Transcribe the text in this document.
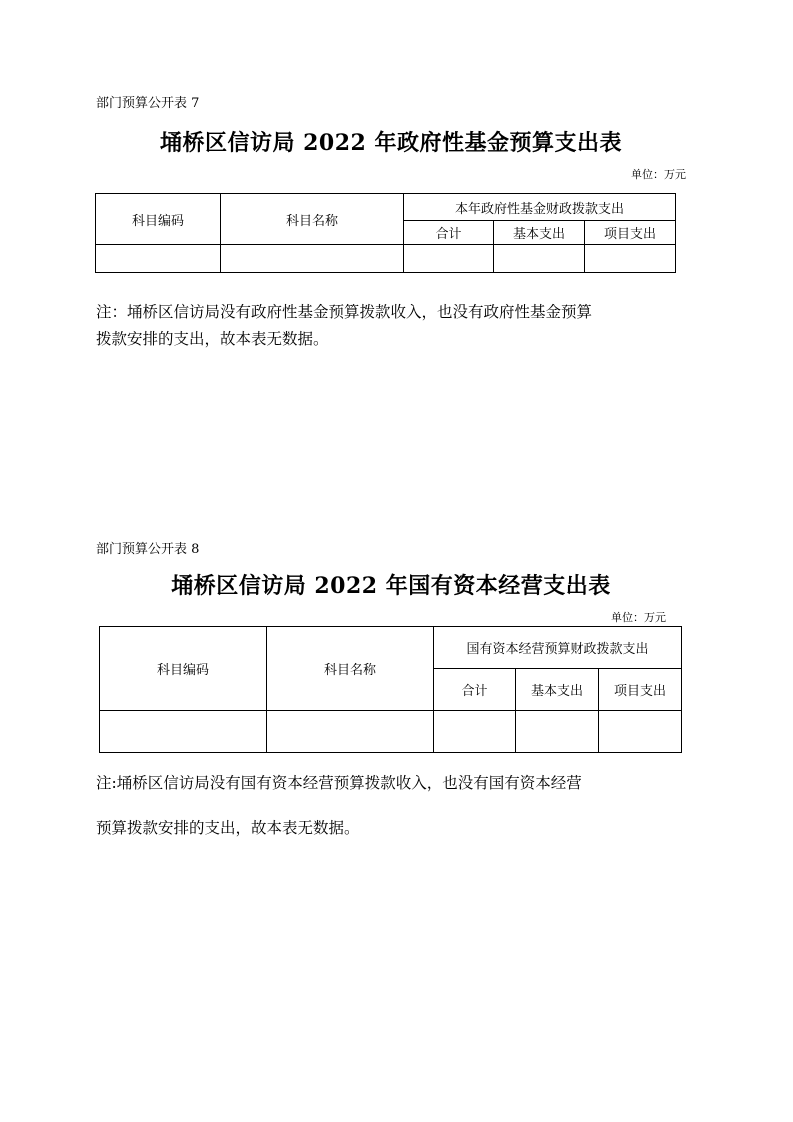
部门预算公开表 7
埇桥区信访局 2022 年政府性基金预算支出表
单位：万元
科目编码	科目名称	本年政府性基金财政拨款支出		
		合计	基本支出	项目支出

注：埇桥区信访局没有政府性基金预算拨款收入，也没有政府性基金预算
拨款安排的支出，故本表无数据。
部门预算公开表 8
埇桥区信访局 2022 年国有资本经营支出表
单位：万元
科目编码	科目名称	国有资本经营预算财政拨款支出		
		合计	基本支出	项目支出

注:埇桥区信访局没有国有资本经营预算拨款收入，也没有国有资本经营
预算拨款安排的支出，故本表无数据。
